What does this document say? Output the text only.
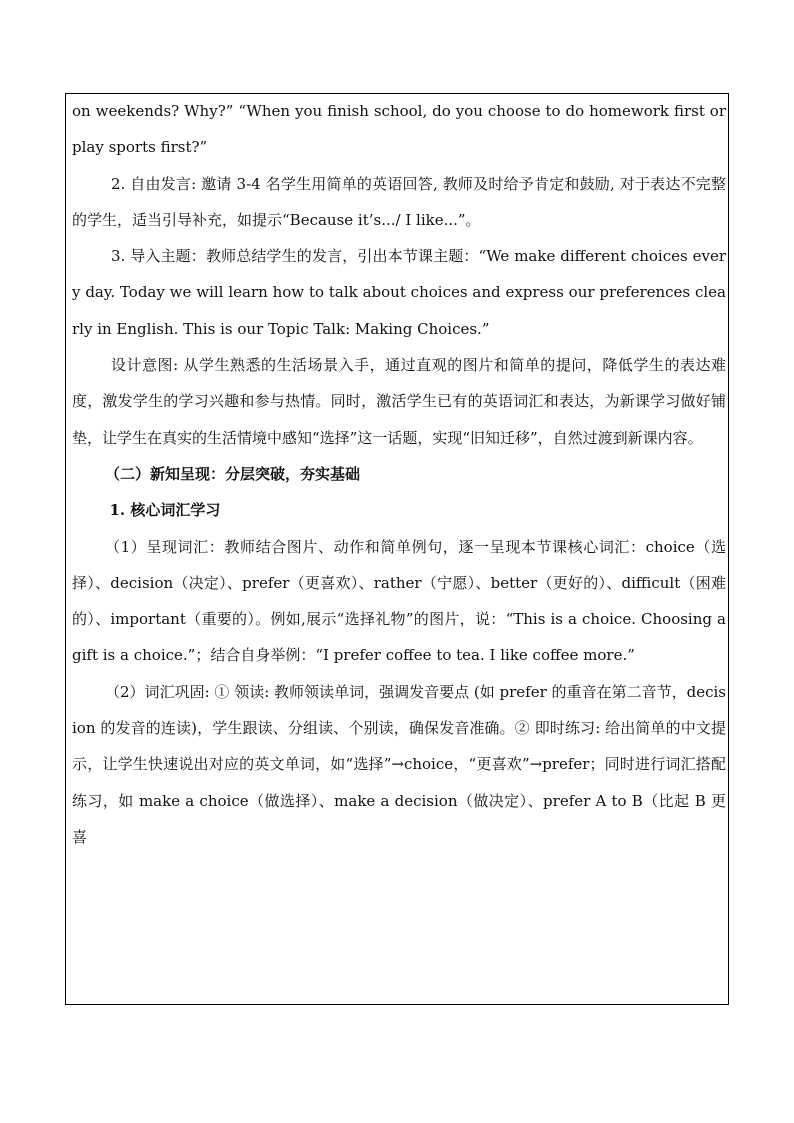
on weekends? Why?” “When you finish school, do you choose to do homework first or play sports first?”

2. 自由发言: 邀请 3-4 名学生用简单的英语回答, 教师及时给予肯定和鼓励, 对于表达不完整的学生，适当引导补充，如提示“Because it’s.../ I like...”。

3. 导入主题：教师总结学生的发言，引出本节课主题：“We make different choices every day. Today we will learn how to talk about choices and express our preferences clearly in English. This is our Topic Talk: Making Choices.”

设计意图: 从学生熟悉的生活场景入手，通过直观的图片和简单的提问，降低学生的表达难度，激发学生的学习兴趣和参与热情。同时，激活学生已有的英语词汇和表达，为新课学习做好铺垫，让学生在真实的生活情境中感知“选择”这一话题，实现“旧知迁移”，自然过渡到新课内容。

（二）新知呈现：分层突破，夯实基础

1. 核心词汇学习

（1）呈现词汇：教师结合图片、动作和简单例句，逐一呈现本节课核心词汇：choice（选择）、decision（决定）、prefer（更喜欢）、rather（宁愿）、better（更好的）、difficult（困难的）、important（重要的）。例如,展示“选择礼物”的图片，说：“This is a choice. Choosing a gift is a choice.”；结合自身举例：“I prefer coffee to tea. I like coffee more.”

（2）词汇巩固: ① 领读: 教师领读单词，强调发音要点 (如 prefer 的重音在第二音节，decision 的发音的连读)，学生跟读、分组读、个别读，确保发音准确。② 即时练习: 给出简单的中文提示，让学生快速说出对应的英文单词，如“选择”→choice，“更喜欢”→prefer；同时进行词汇搭配练习，如 make a choice（做选择）、make a decision（做决定）、prefer A to B（比起 B 更喜
